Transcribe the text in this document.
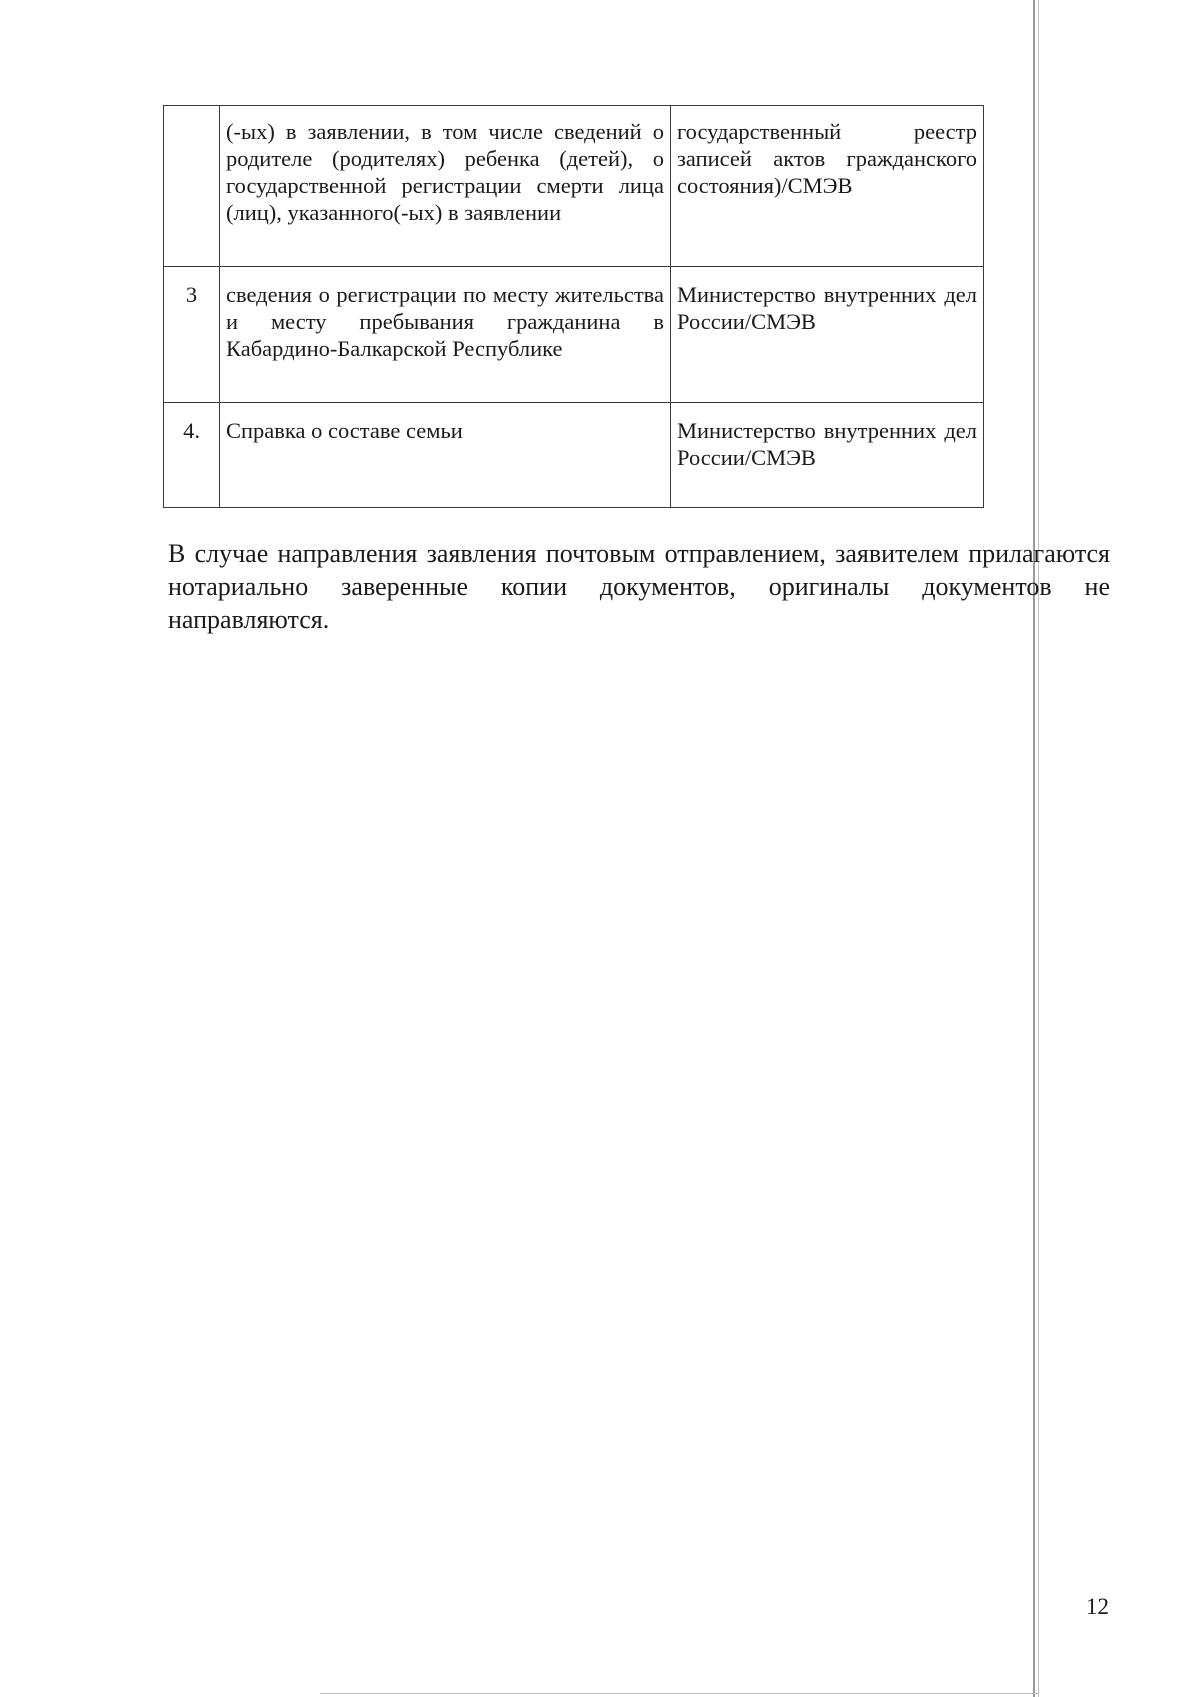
	(-ых) в заявлении, в том числе сведений о родителе (родителях) ребенка (детей), о государственной регистрации смерти лица (лиц), указанного(-ых) в заявлении	государственный реестр записей актов гражданского состояния)/СМЭВ
3	сведения о регистрации по месту жительства и месту пребывания гражданина в Кабардино-Балкарской Республике	Министерство внутренних дел России/СМЭВ
4.	Справка о составе семьи	Министерство внутренних дел России/СМЭВ

В случае направления заявления почтовым отправлением, заявителем прилагаются нотариально заверенные копии документов, оригиналы документов не направляются.

12
